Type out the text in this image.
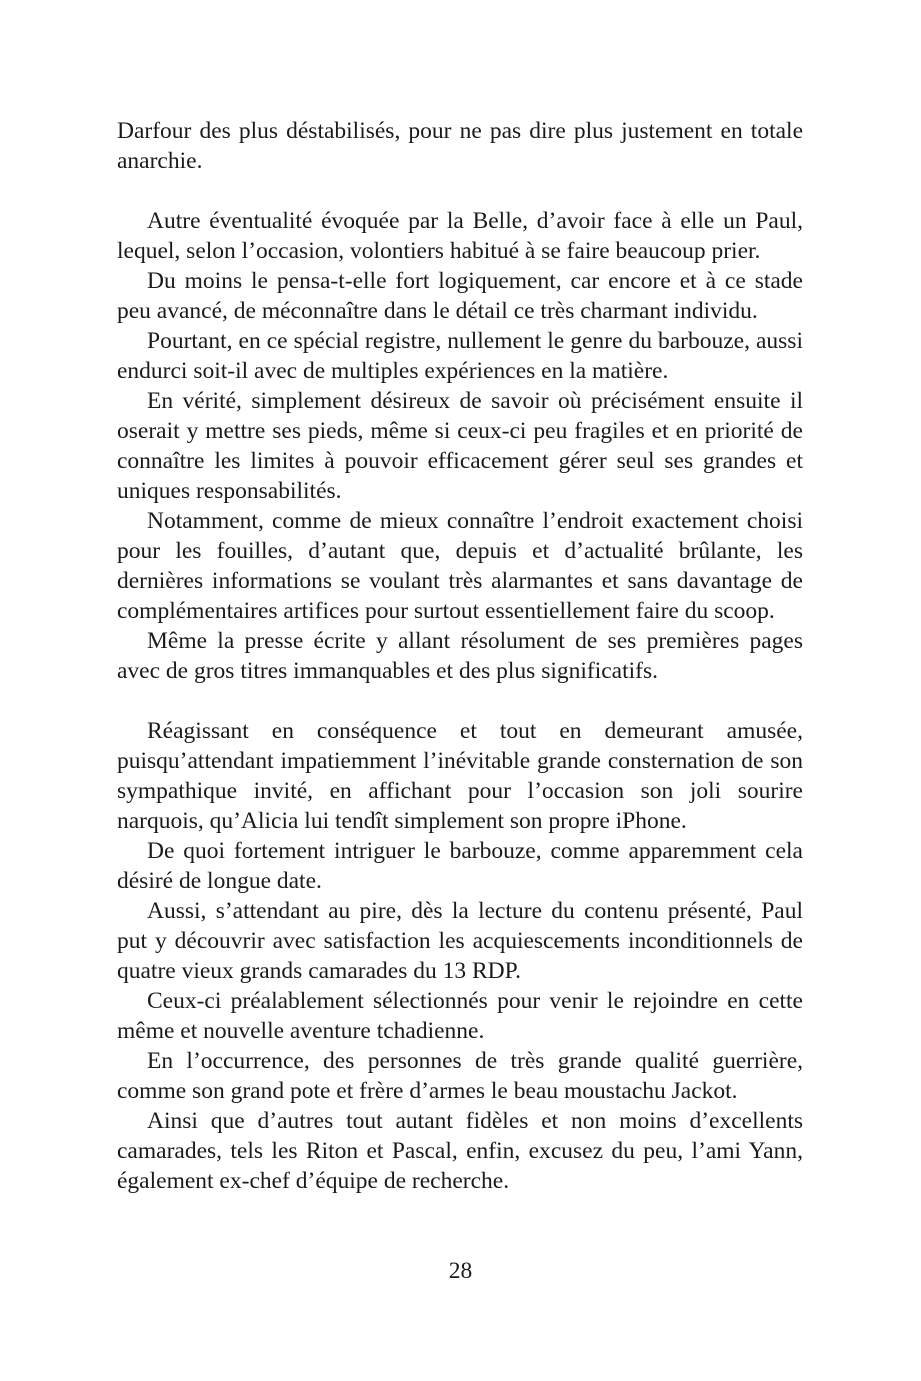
Darfour des plus déstabilisés, pour ne pas dire plus justement en totale anarchie.

Autre éventualité évoquée par la Belle, d’avoir face à elle un Paul, lequel, selon l’occasion, volontiers habitué à se faire beaucoup prier.

Du moins le pensa-t-elle fort logiquement, car encore et à ce stade peu avancé, de méconnaître dans le détail ce très charmant individu.

Pourtant, en ce spécial registre, nullement le genre du barbouze, aussi endurci soit-il avec de multiples expériences en la matière.

En vérité, simplement désireux de savoir où précisément ensuite il oserait y mettre ses pieds, même si ceux-ci peu fragiles et en priorité de connaître les limites à pouvoir efficacement gérer seul ses grandes et uniques responsabilités.

Notamment, comme de mieux connaître l’endroit exactement choisi pour les fouilles, d’autant que, depuis et d’actualité brûlante, les dernières informations se voulant très alarmantes et sans davantage de complémentaires artifices pour surtout essentiellement faire du scoop.

Même la presse écrite y allant résolument de ses premières pages avec de gros titres immanquables et des plus significatifs.

Réagissant en conséquence et tout en demeurant amusée, puisqu’attendant impatiemment l’inévitable grande consternation de son sympathique invité, en affichant pour l’occasion son joli sourire narquois, qu’Alicia lui tendît simplement son propre iPhone.

De quoi fortement intriguer le barbouze, comme apparemment cela désiré de longue date.

Aussi, s’attendant au pire, dès la lecture du contenu présenté, Paul put y découvrir avec satisfaction les acquiescements inconditionnels de quatre vieux grands camarades du 13 RDP.

Ceux-ci préalablement sélectionnés pour venir le rejoindre en cette même et nouvelle aventure tchadienne.

En l’occurrence, des personnes de très grande qualité guerrière, comme son grand pote et frère d’armes le beau moustachu Jackot.

Ainsi que d’autres tout autant fidèles et non moins d’excellents camarades, tels les Riton et Pascal, enfin, excusez du peu, l’ami Yann, également ex-chef d’équipe de recherche.

28
